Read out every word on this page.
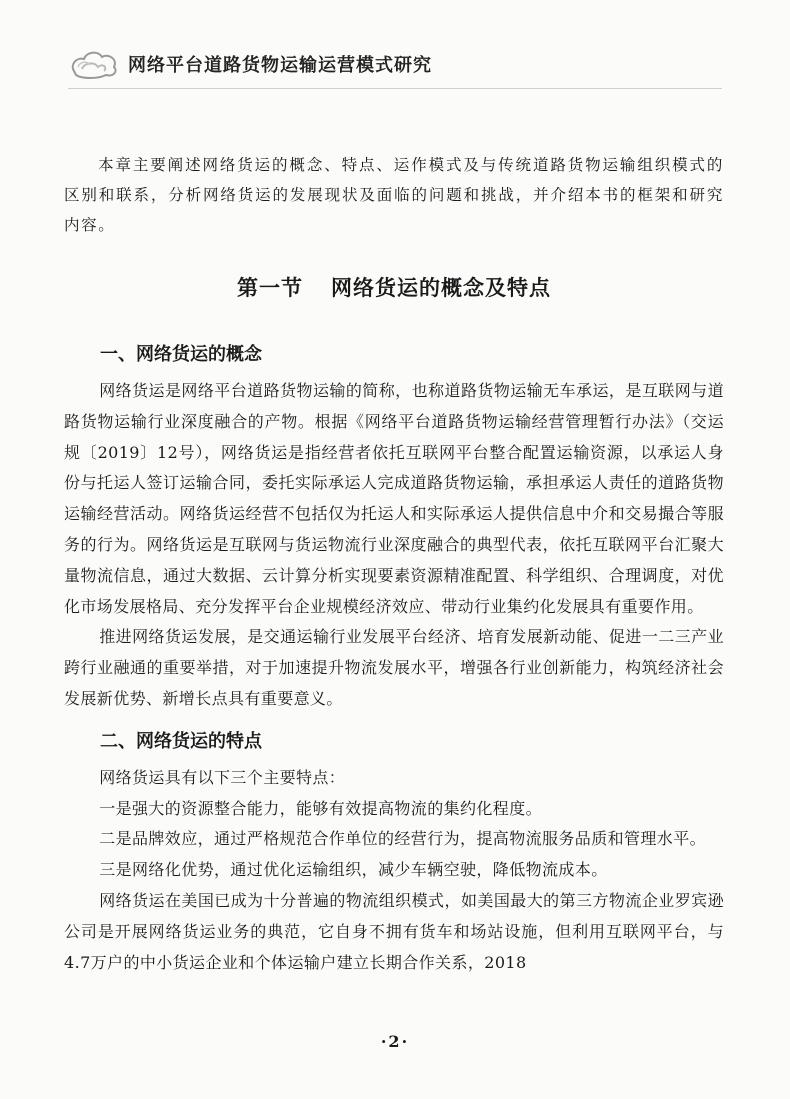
网络平台道路货物运输运营模式研究

本章主要阐述网络货运的概念、特点、运作模式及与传统道路货物运输组织模式的区别和联系，分析网络货运的发展现状及面临的问题和挑战，并介绍本书的框架和研究内容。

第一节 网络货运的概念及特点
一、网络货运的概念

网络货运是网络平台道路货物运输的简称，也称道路货物运输无车承运，是互联网与道路货物运输行业深度融合的产物。根据《网络平台道路货物运输经营管理暂行办法》（交运规〔2019〕12号），网络货运是指经营者依托互联网平台整合配置运输资源，以承运人身份与托运人签订运输合同，委托实际承运人完成道路货物运输，承担承运人责任的道路货物运输经营活动。网络货运经营不包括仅为托运人和实际承运人提供信息中介和交易撮合等服务的行为。网络货运是互联网与货运物流行业深度融合的典型代表，依托互联网平台汇聚大量物流信息，通过大数据、云计算分析实现要素资源精准配置、科学组织、合理调度，对优化市场发展格局、充分发挥平台企业规模经济效应、带动行业集约化发展具有重要作用。

推进网络货运发展，是交通运输行业发展平台经济、培育发展新动能、促进一二三产业跨行业融通的重要举措，对于加速提升物流发展水平，增强各行业创新能力，构筑经济社会发展新优势、新增长点具有重要意义。

二、网络货运的特点

网络货运具有以下三个主要特点：

一是强大的资源整合能力，能够有效提高物流的集约化程度。

二是品牌效应，通过严格规范合作单位的经营行为，提高物流服务品质和管理水平。

三是网络化优势，通过优化运输组织，减少车辆空驶，降低物流成本。

网络货运在美国已成为十分普遍的物流组织模式，如美国最大的第三方物流企业罗宾逊公司是开展网络货运业务的典范，它自身不拥有货车和场站设施，但利用互联网平台，与4.7万户的中小货运企业和个体运输户建立长期合作关系，2018

·2·
